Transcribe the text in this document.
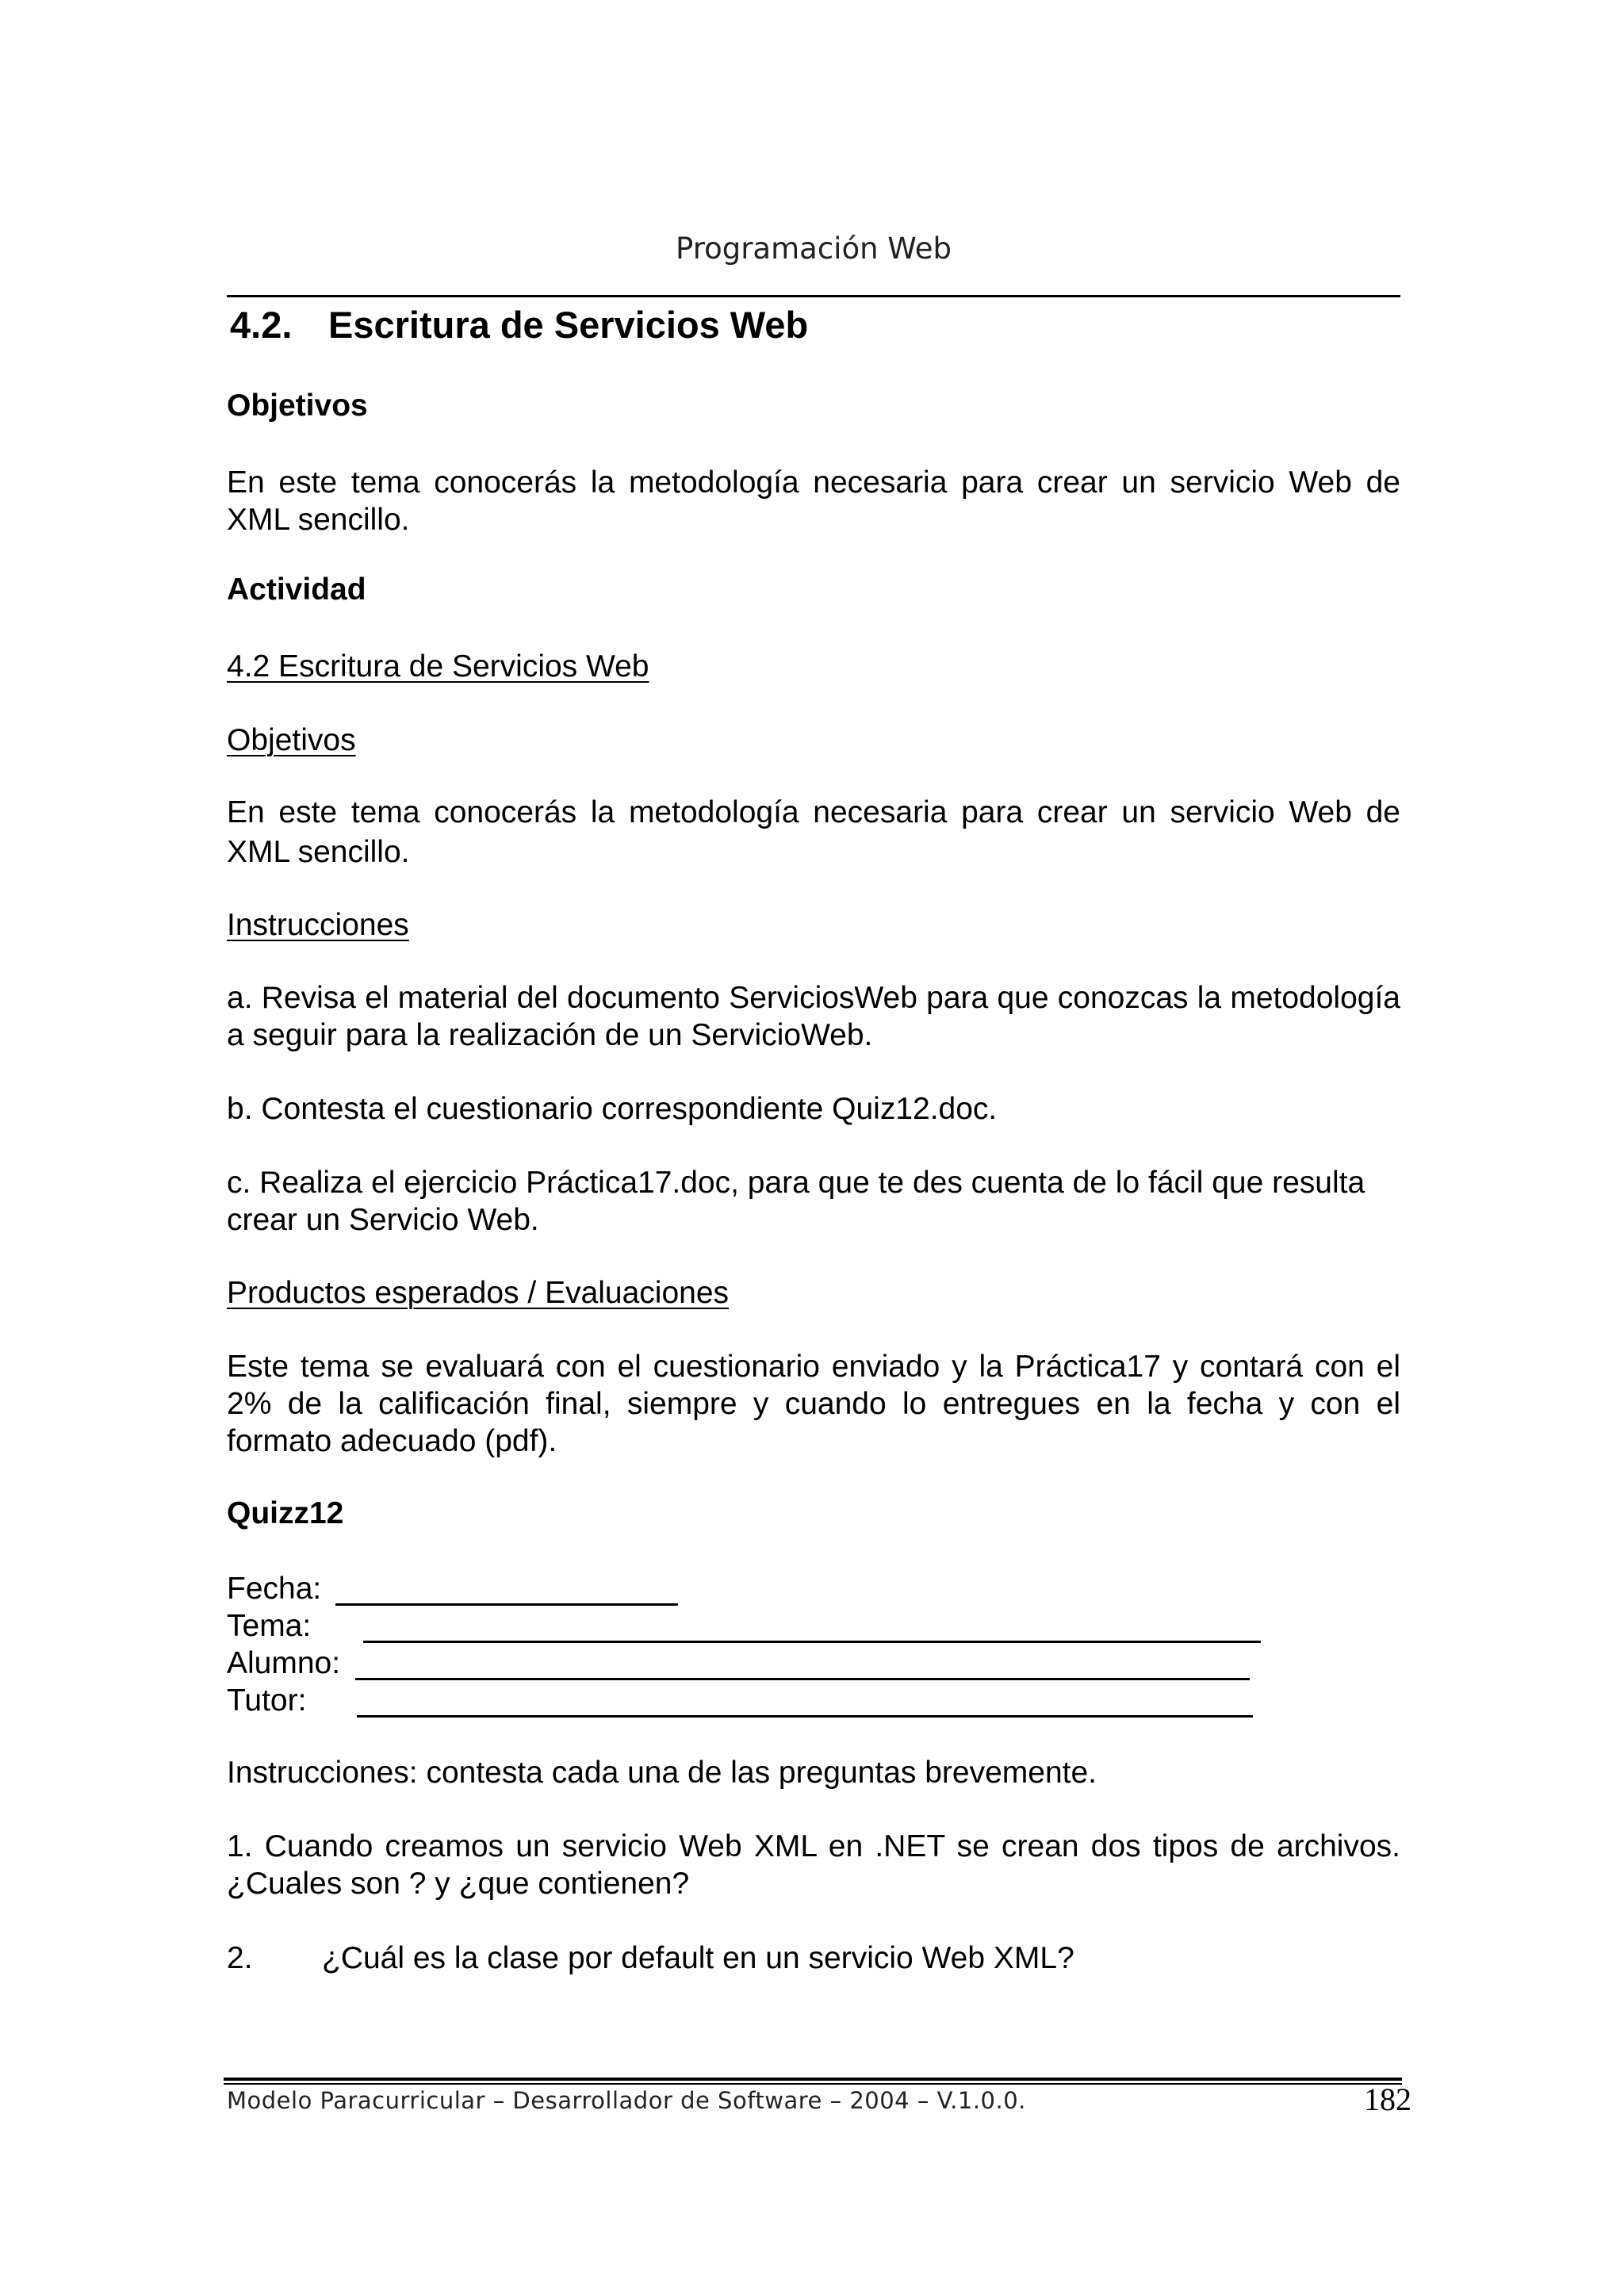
Programación Web
4.2. Escritura de Servicios Web
Objetivos
En este tema conocerás la metodología necesaria para crear un servicio Web de XML sencillo.
Actividad
4.2 Escritura de Servicios Web
Objetivos
En este tema conocerás la metodología necesaria para crear un servicio Web de XML sencillo.
Instrucciones
a. Revisa el material del documento ServiciosWeb para que conozcas la metodología a seguir para la realización de un ServicioWeb.
b. Contesta el cuestionario correspondiente Quiz12.doc.
c. Realiza el ejercicio Práctica17.doc, para que te des cuenta de lo fácil que resulta crear un Servicio Web.
Productos esperados / Evaluaciones
Este tema se evaluará con el cuestionario enviado y la Práctica17 y contará con el 2% de la calificación final, siempre y cuando lo entregues en la fecha y con el formato adecuado (pdf).
Quizz12
Fecha:
Tema:
Alumno:
Tutor:
Instrucciones: contesta cada una de las preguntas brevemente.
1. Cuando creamos un servicio Web XML en .NET se crean dos tipos de archivos. ¿Cuales son ? y ¿que contienen?
2.	¿Cuál es la clase por default en un servicio Web XML?
Modelo Paracurricular – Desarrollador de Software – 2004 – V.1.0.0.	182
